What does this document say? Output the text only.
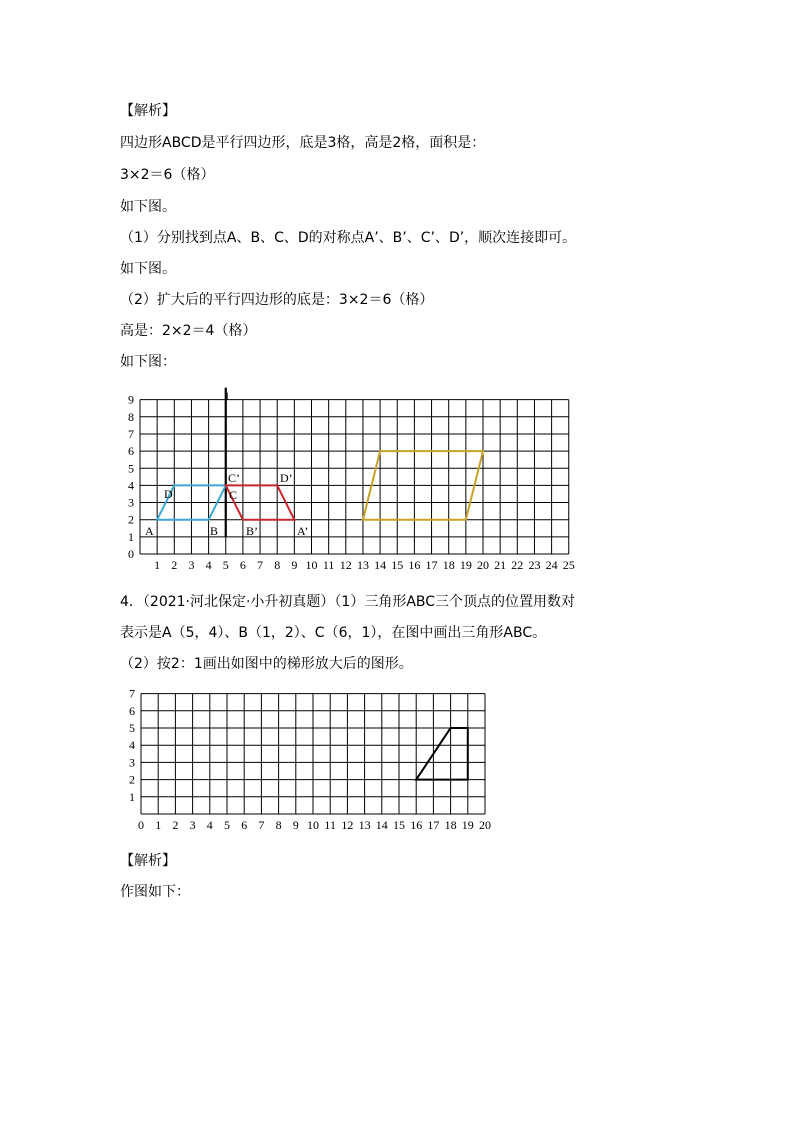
【解析】
四边形ABCD是平行四边形，底是3格，高是2格，面积是：
3×2＝6（格）
如下图。
（1）分别找到点A、B、C、D的对称点A’、B’、C’、D’，顺次连接即可。
如下图。
（2）扩大后的平行四边形的底是：3×2＝6（格）
高是：2×2＝4（格）
如下图：
1 2 3 4 5 6 7 8 9 10 11 12 13 14 15 16 17 18 19 20 21 22 23 24 25
0
1
2
3
4
5
6
7
8
9	1
A
D
B
C
C’	D’
B’	A’
0 1 2 3 4 5 6 7 8 9 10 11 12 13 14 15 16 17 18 19 20
1
2
3
4
5
6
7
4．（2021·河北保定·小升初真题）（1）三角形ABC三个顶点的位置用数对
表示是A（5，4）、B（1，2）、C（6，1），在图中画出三角形ABC。
（2）按2：1画出如图中的梯形放大后的图形。
【解析】
作图如下：
